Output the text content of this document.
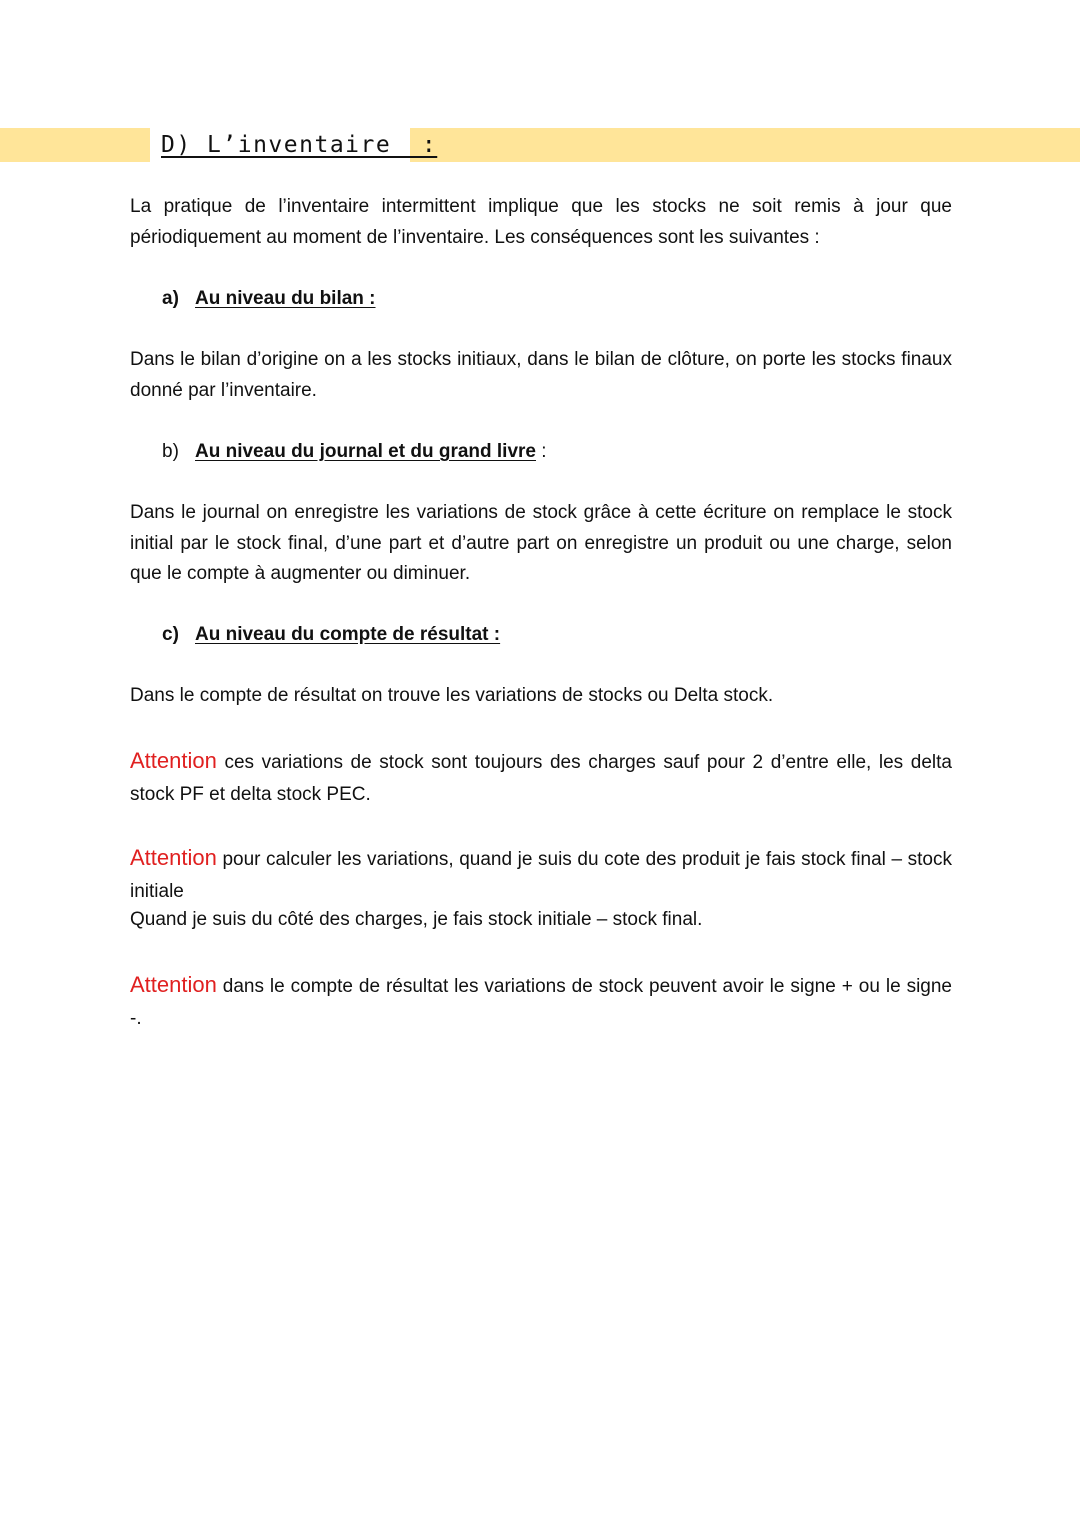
D) L’inventaire  :

La pratique de l’inventaire intermittent implique que les stocks ne soit remis à jour que périodiquement au moment de l’inventaire. Les conséquences sont les suivantes :

a) Au niveau du bilan :

Dans le bilan d’origine on a les stocks initiaux, dans le bilan de clôture, on porte les stocks finaux donné par l’inventaire.

b) Au niveau du journal et du grand livre :

Dans le journal on enregistre les variations de stock grâce à cette écriture on remplace le stock initial par le stock final, d’une part et d’autre part on enregistre un produit ou une charge, selon que le compte à augmenter ou diminuer.

c) Au niveau du compte de résultat :

Dans le compte de résultat on trouve les variations de stocks ou Delta stock.

Attention ces variations de stock sont toujours des charges sauf pour 2 d’entre elle, les delta stock PF et delta stock PEC.

Attention pour calculer les variations, quand je suis du cote des produit je fais stock final – stock initiale

Quand je suis du côté des charges, je fais stock initiale – stock final.

Attention dans le compte de résultat les variations de stock peuvent avoir le signe + ou le signe -.
